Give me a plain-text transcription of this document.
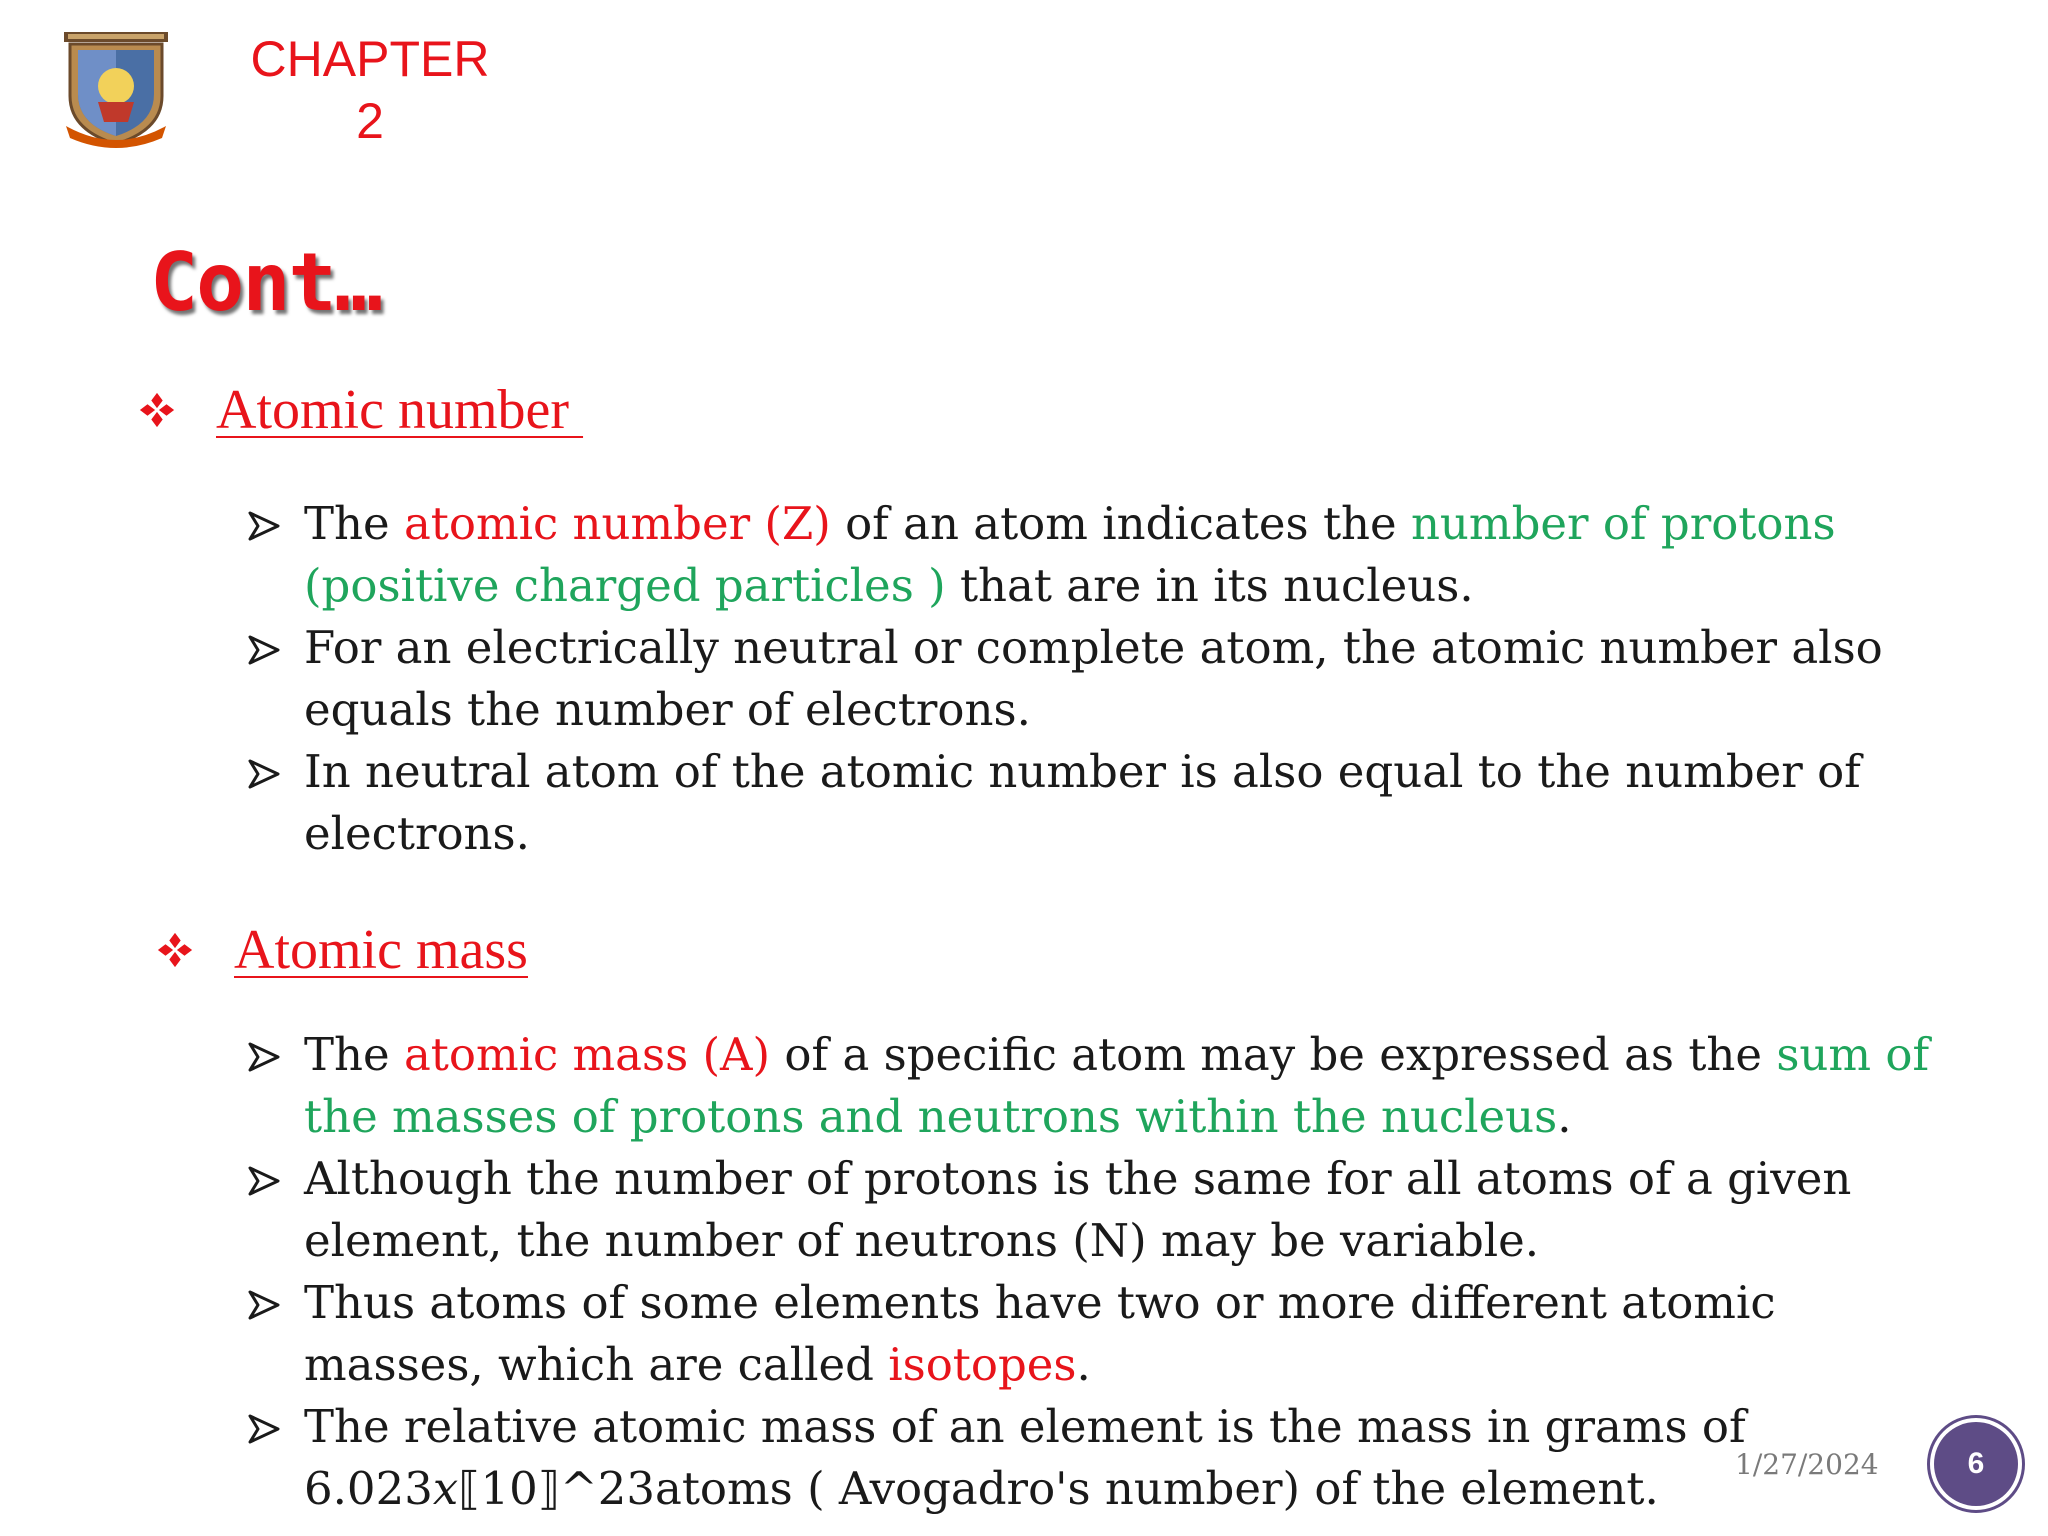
CHAPTER
2
Cont…
Atomic number
The atomic number (Z) of an atom indicates the number of protons (positive charged particles ) that are in its nucleus.
For an electrically neutral or complete atom, the atomic number also equals the number of electrons.
In neutral atom of the atomic number is also equal to the number of electrons.
Atomic mass
The atomic mass (A) of a specific atom may be expressed as the sum of the masses of protons and neutrons within the nucleus.
Although the number of protons is the same for all atoms of a given element, the number of neutrons (N) may be variable.
Thus atoms of some elements have two or more different atomic masses, which are called isotopes.
The relative atomic mass of an element is the mass in grams of 6.023𝑥⟦10⟧^23atoms ( Avogadro's number) of the element.	1/27/2024	6
